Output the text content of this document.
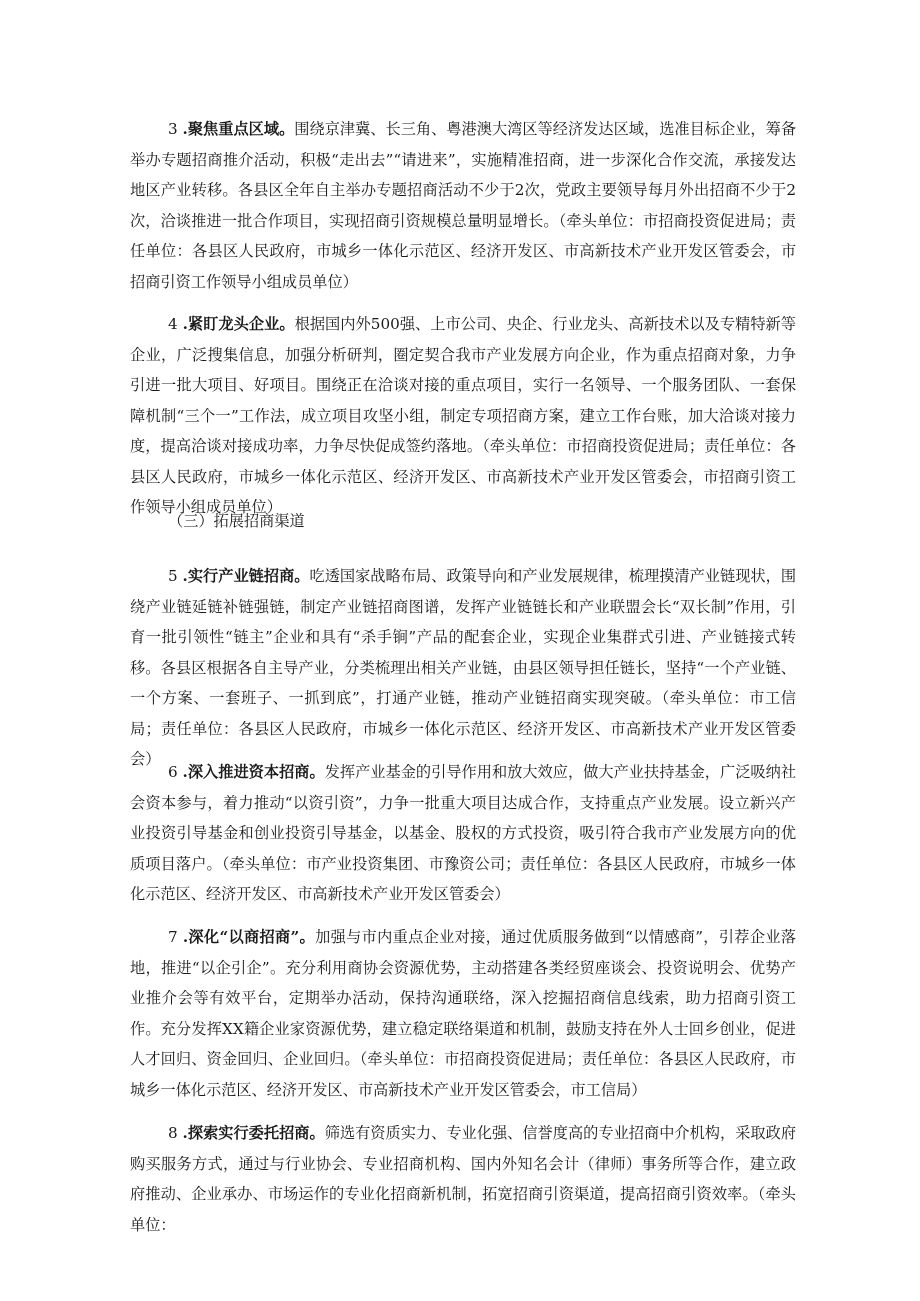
3 .聚焦重点区域。围绕京津冀、长三角、粤港澳大湾区等经济发达区域，选准目标企业，筹备举办专题招商推介活动，积极“走出去”“请进来”，实施精准招商，进一步深化合作交流，承接发达地区产业转移。各县区全年自主举办专题招商活动不少于2次，党政主要领导每月外出招商不少于2次，洽谈推进一批合作项目，实现招商引资规模总量明显增长。（牵头单位：市招商投资促进局；责任单位：各县区人民政府，市城乡一体化示范区、经济开发区、市高新技术产业开发区管委会，市招商引资工作领导小组成员单位）

4 .紧盯龙头企业。根据国内外500强、上市公司、央企、行业龙头、高新技术以及专精特新等企业，广泛搜集信息，加强分析研判，圈定契合我市产业发展方向企业，作为重点招商对象，力争引进一批大项目、好项目。围绕正在洽谈对接的重点项目，实行一名领导、一个服务团队、一套保障机制“三个一”工作法，成立项目攻坚小组，制定专项招商方案，建立工作台账，加大洽谈对接力度，提高洽谈对接成功率，力争尽快促成签约落地。（牵头单位：市招商投资促进局；责任单位：各县区人民政府，市城乡一体化示范区、经济开发区、市高新技术产业开发区管委会，市招商引资工作领导小组成员单位）

（三）拓展招商渠道

5 .实行产业链招商。吃透国家战略布局、政策导向和产业发展规律，梳理摸清产业链现状，围绕产业链延链补链强链，制定产业链招商图谱，发挥产业链链长和产业联盟会长“双长制”作用，引育一批引领性“链主”企业和具有“杀手锏”产品的配套企业，实现企业集群式引进、产业链接式转移。各县区根据各自主导产业，分类梳理出相关产业链，由县区领导担任链长，坚持“一个产业链、一个方案、一套班子、一抓到底”，打通产业链，推动产业链招商实现突破。（牵头单位：市工信局；责任单位：各县区人民政府，市城乡一体化示范区、经济开发区、市高新技术产业开发区管委会）

6 .深入推进资本招商。发挥产业基金的引导作用和放大效应，做大产业扶持基金，广泛吸纳社会资本参与，着力推动“以资引资”，力争一批重大项目达成合作，支持重点产业发展。设立新兴产业投资引导基金和创业投资引导基金，以基金、股权的方式投资，吸引符合我市产业发展方向的优质项目落户。（牵头单位：市产业投资集团、市豫资公司；责任单位：各县区人民政府，市城乡一体化示范区、经济开发区、市高新技术产业开发区管委会）

7 .深化“以商招商”。加强与市内重点企业对接，通过优质服务做到“以情感商”，引荐企业落地，推进“以企引企”。充分利用商协会资源优势，主动搭建各类经贸座谈会、投资说明会、优势产业推介会等有效平台，定期举办活动，保持沟通联络，深入挖掘招商信息线索，助力招商引资工作。充分发挥XX籍企业家资源优势，建立稳定联络渠道和机制，鼓励支持在外人士回乡创业，促进人才回归、资金回归、企业回归。（牵头单位：市招商投资促进局；责任单位：各县区人民政府，市城乡一体化示范区、经济开发区、市高新技术产业开发区管委会，市工信局）

8 .探索实行委托招商。筛选有资质实力、专业化强、信誉度高的专业招商中介机构，采取政府购买服务方式，通过与行业协会、专业招商机构、国内外知名会计（律师）事务所等合作，建立政府推动、企业承办、市场运作的专业化招商新机制，拓宽招商引资渠道，提高招商引资效率。（牵头单位：
